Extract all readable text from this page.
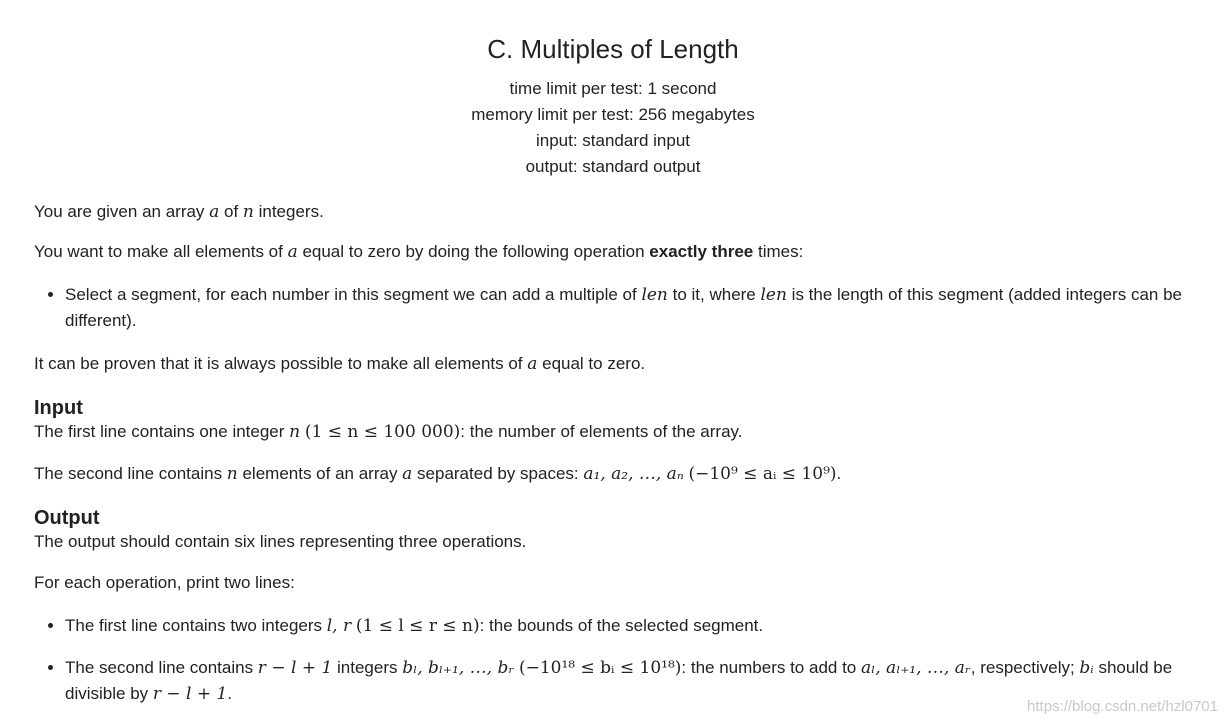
C. Multiples of Length
time limit per test: 1 second
memory limit per test: 256 megabytes
input: standard input
output: standard output

You are given an array a of n integers.

You want to make all elements of a equal to zero by doing the following operation exactly three times:

• Select a segment, for each number in this segment we can add a multiple of len to it, where len is the length of this segment (added integers can be different).

It can be proven that it is always possible to make all elements of a equal to zero.

Input

The first line contains one integer n (1 ≤ n ≤ 100 000): the number of elements of the array.

The second line contains n elements of an array a separated by spaces: a₁, a₂, …, aₙ (−10⁹ ≤ aᵢ ≤ 10⁹).

Output

The output should contain six lines representing three operations.

For each operation, print two lines:

• The first line contains two integers l, r (1 ≤ l ≤ r ≤ n): the bounds of the selected segment.
• The second line contains r − l + 1 integers bₗ, bₗ₊₁, …, bᵣ (−10¹⁸ ≤ bᵢ ≤ 10¹⁸): the numbers to add to aₗ, aₗ₊₁, …, aᵣ, respectively; bᵢ should be divisible by r − l + 1.
https://blog.csdn.net/hzl0701
